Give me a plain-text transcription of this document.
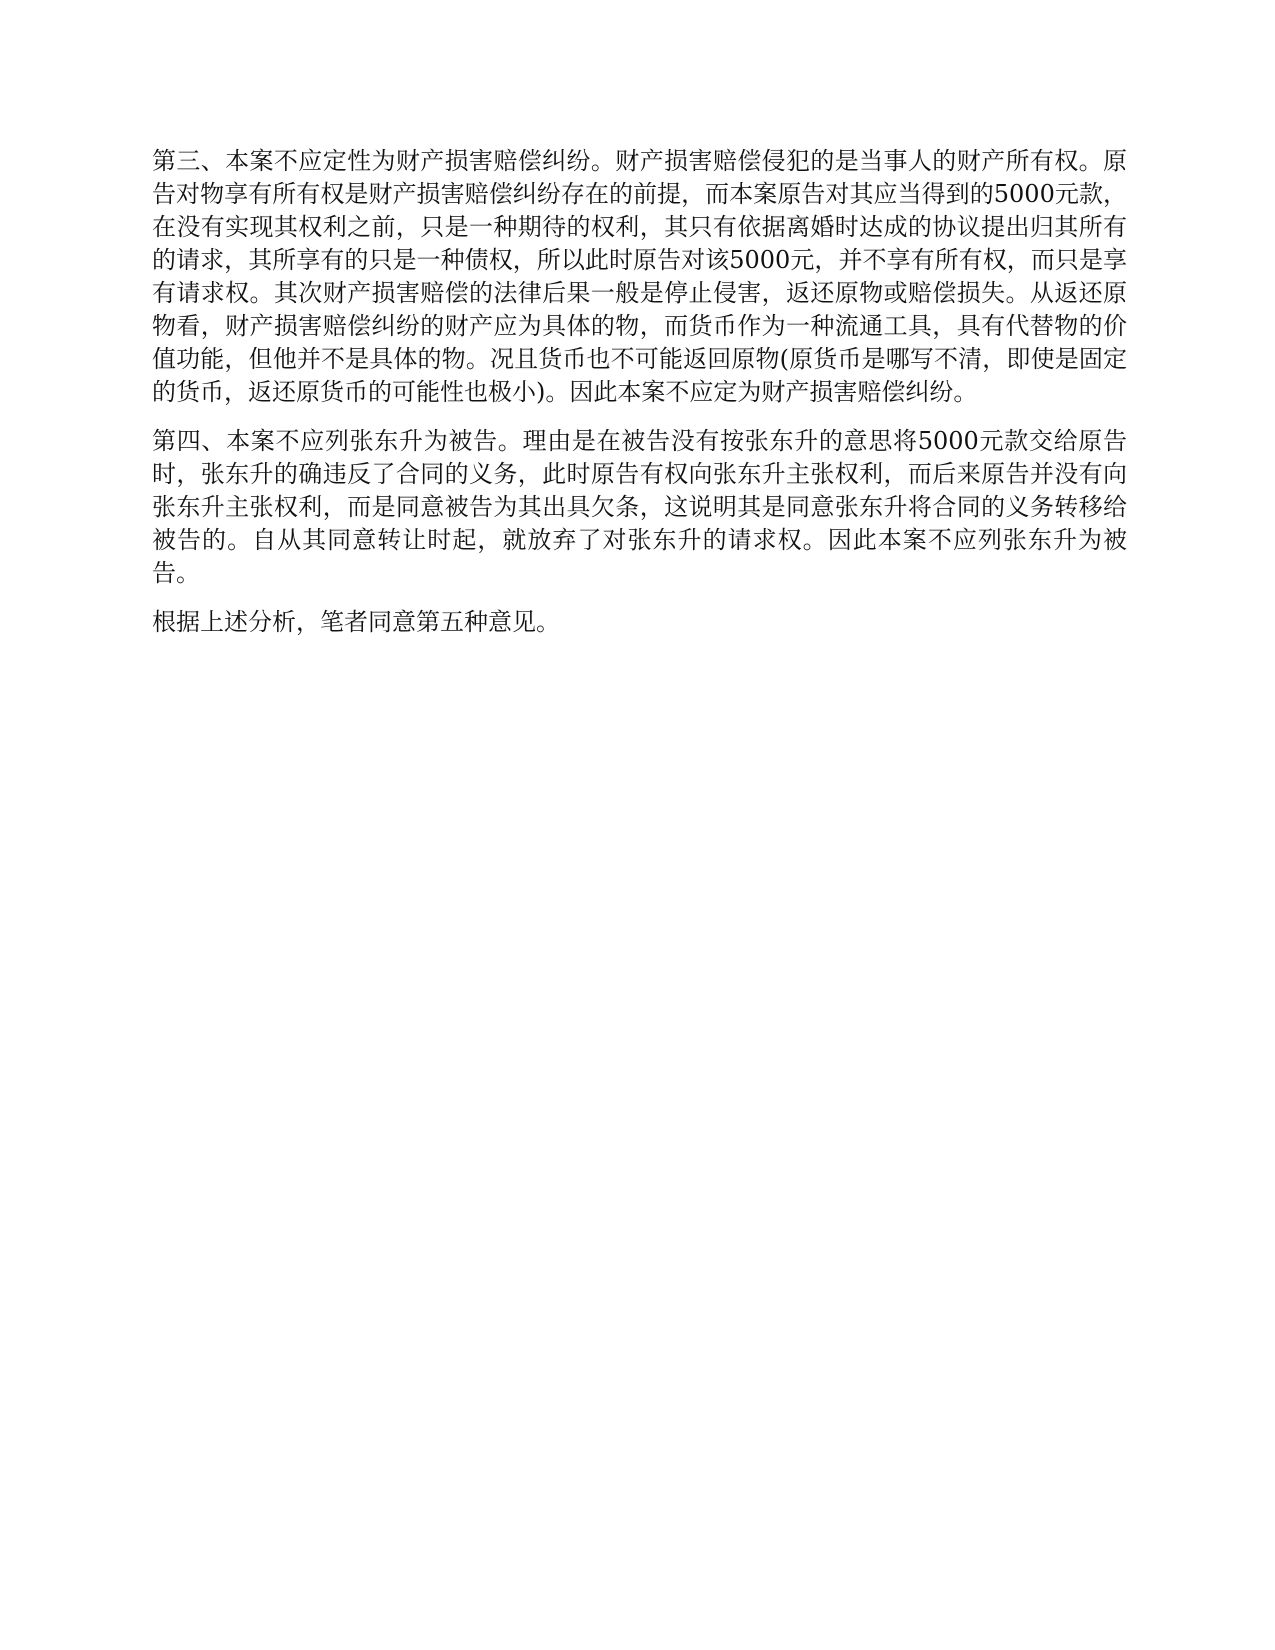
第三、本案不应定性为财产损害赔偿纠纷。财产损害赔偿侵犯的是当事人的财产所有权。原告对物享有所有权是财产损害赔偿纠纷存在的前提，而本案原告对其应当得到的5000元款，在没有实现其权利之前，只是一种期待的权利，其只有依据离婚时达成的协议提出归其所有的请求，其所享有的只是一种债权，所以此时原告对该5000元，并不享有所有权，而只是享有请求权。其次财产损害赔偿的法律后果一般是停止侵害，返还原物或赔偿损失。从返还原物看，财产损害赔偿纠纷的财产应为具体的物，而货币作为一种流通工具，具有代替物的价值功能，但他并不是具体的物。况且货币也不可能返回原物(原货币是哪写不清，即使是固定的货币，返还原货币的可能性也极小)。因此本案不应定为财产损害赔偿纠纷。

第四、本案不应列张东升为被告。理由是在被告没有按张东升的意思将5000元款交给原告时，张东升的确违反了合同的义务，此时原告有权向张东升主张权利，而后来原告并没有向张东升主张权利，而是同意被告为其出具欠条，这说明其是同意张东升将合同的义务转移给被告的。自从其同意转让时起，就放弃了对张东升的请求权。因此本案不应列张东升为被告。

根据上述分析，笔者同意第五种意见。
